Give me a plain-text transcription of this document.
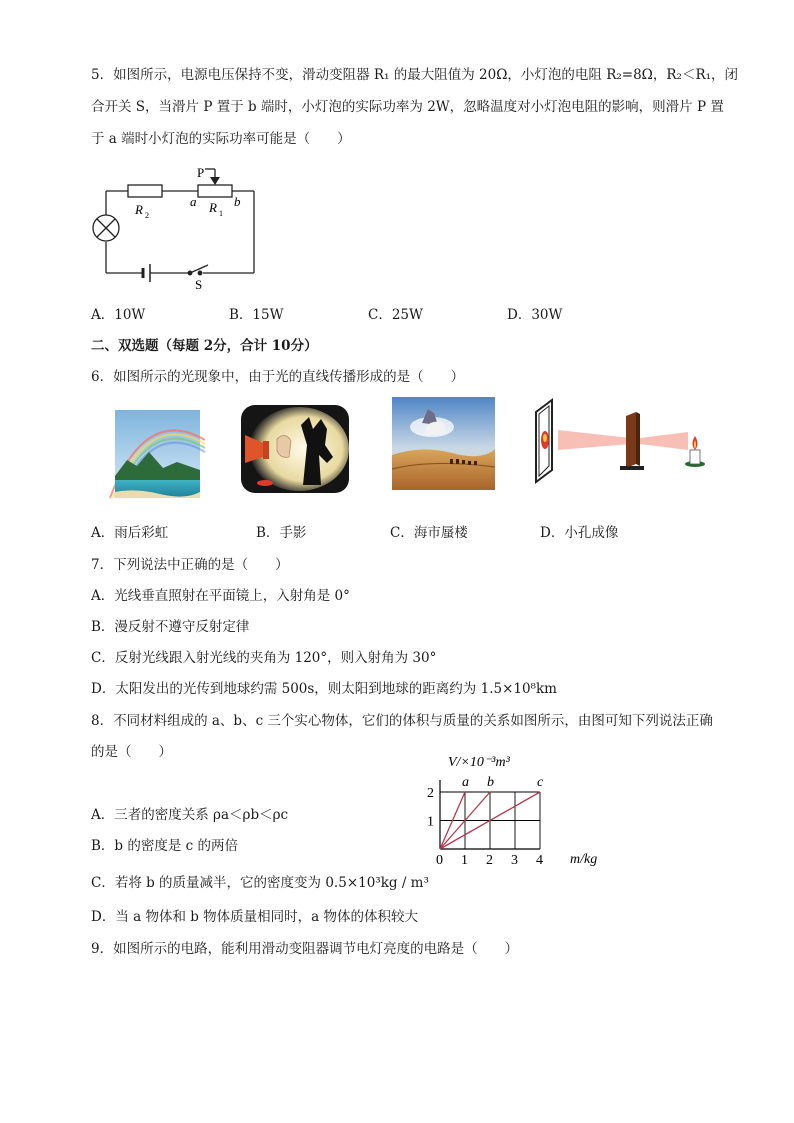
5．如图所示，电源电压保持不变，滑动变阻器 R₁ 的最大阻值为 20Ω，小灯泡的电阻 R₂=8Ω，R₂＜R₁，闭
合开关 S，当滑片 P 置于 b 端时，小灯泡的实际功率为 2W，忽略温度对小灯泡电阻的影响，则滑片 P 置
于 a 端时小灯泡的实际功率可能是（　　）
P
R 2
a R 1
b
S
A．10W	B．15W	C．25W	D．30W
二、双选题（每题 2分，合计 10分）
6．如图所示的光现象中，由于光的直线传播形成的是（　　）
A．雨后彩虹	B．手影	C．海市蜃楼	D．小孔成像
7．下列说法中正确的是（　　）
A．光线垂直照射在平面镜上，入射角是 0°
B．漫反射不遵守反射定律
C．反射光线跟入射光线的夹角为 120°，则入射角为 30°
D．太阳发出的光传到地球约需 500s，则太阳到地球的距离约为 1.5×10⁸km
8．不同材料组成的 a、b、c 三个实心物体，它们的体积与质量的关系如图所示，由图可知下列说法正确
的是（　　）
A．三者的密度关系 ρa＜ρb＜ρc
B．b 的密度是 c 的两倍
C．若将 b 的质量减半，它的密度变为 0.5×10³kg / m³
D．当 a 物体和 b 物体质量相同时，a 物体的体积较大
0 1 2 3 4
1
2
a b	c
V/×10⁻³m³
m/kg
9．如图所示的电路，能利用滑动变阻器调节电灯亮度的电路是（　　）
